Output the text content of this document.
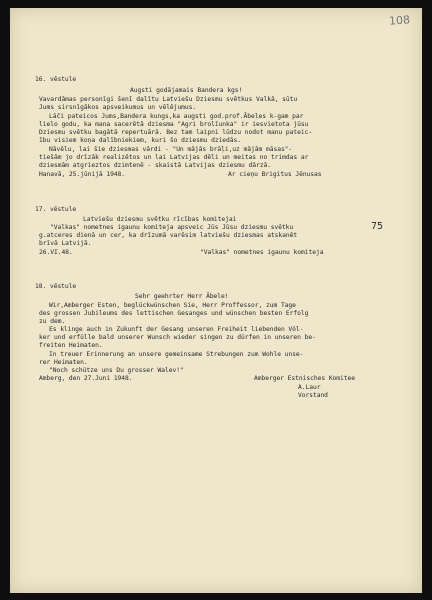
108
16. vēstule
Augsti godājamais Bandera kgs!
Vavardāmas personīgi šenī dalītu Latviešu Dziesmu svētkus Valkā, sūtu
Jums sirsnīgākos apsveikumus un vēlējumus.
Lāči pateicos Jums,Bandera kungs,ka augsti god.prof.Ābeles k-gam par
lielo godu, ka mana sacerētā dziesma "Agri brolīunka" ir iesvietota jūsu
Dziesmu svētku bagātā repertuārā. Bez tam laipni lūdzu nodot manu pateic-
ību visiem koņa dalībniekiem, kuri šo dziesmu dziedās.
Nāvēlu, lai šie dziesmas vārdi - "Un mājās brāļi,uz mājām māsas"-
tiešām jo drīzāk realizētos un lai Latvijas dēli un meitas no trimdas ar
dziesmām atgrieztos dzimtenē - skaistā Latvijas dziesmu dārzā.
Hanavā, 25.jūnijā 1948.	Ar cieņu Brigitus Jēnusas
17. vēstule
Latviešu dziesmu svētku rīcības komitejai
"Valkas" nometnes igaunu komiteja apsveic Jūs Jūsu dziesmu svētku	75
g.atceres dienā un cer, ka drīzumā varēsim latviešu dziesmas atskanēt
brīvā Latvijā.
26.VI.48.	"Valkas" nometnes igaunu komiteja
18. vēstule
Sehr geehrter Herr Ābele!
Wir,Amberger Esten, beglückwünschen Sie, Herr Proffessor, zum Tage
des grossen Jubileums des lettischen Gesanges und wünschen besten Erfolg
zu dem.
Es klinge auch in Zukunft der Gesang unseren Freiheit liebenden Völ-
ker und erfülle bald unserer Wunsch wieder singen zu dürfen in unseren be-
freiten Heimaten.
In treuer Erinnerung an unsere gemeinsame Strebungen zum Wohle unse-
rer Heimaten.
"Noch schütze uns Du grosser Walev!"
Amberg, den 27.Juni 1948.	Amberger Estnisches Komitee
A.Laur
Vorstand
